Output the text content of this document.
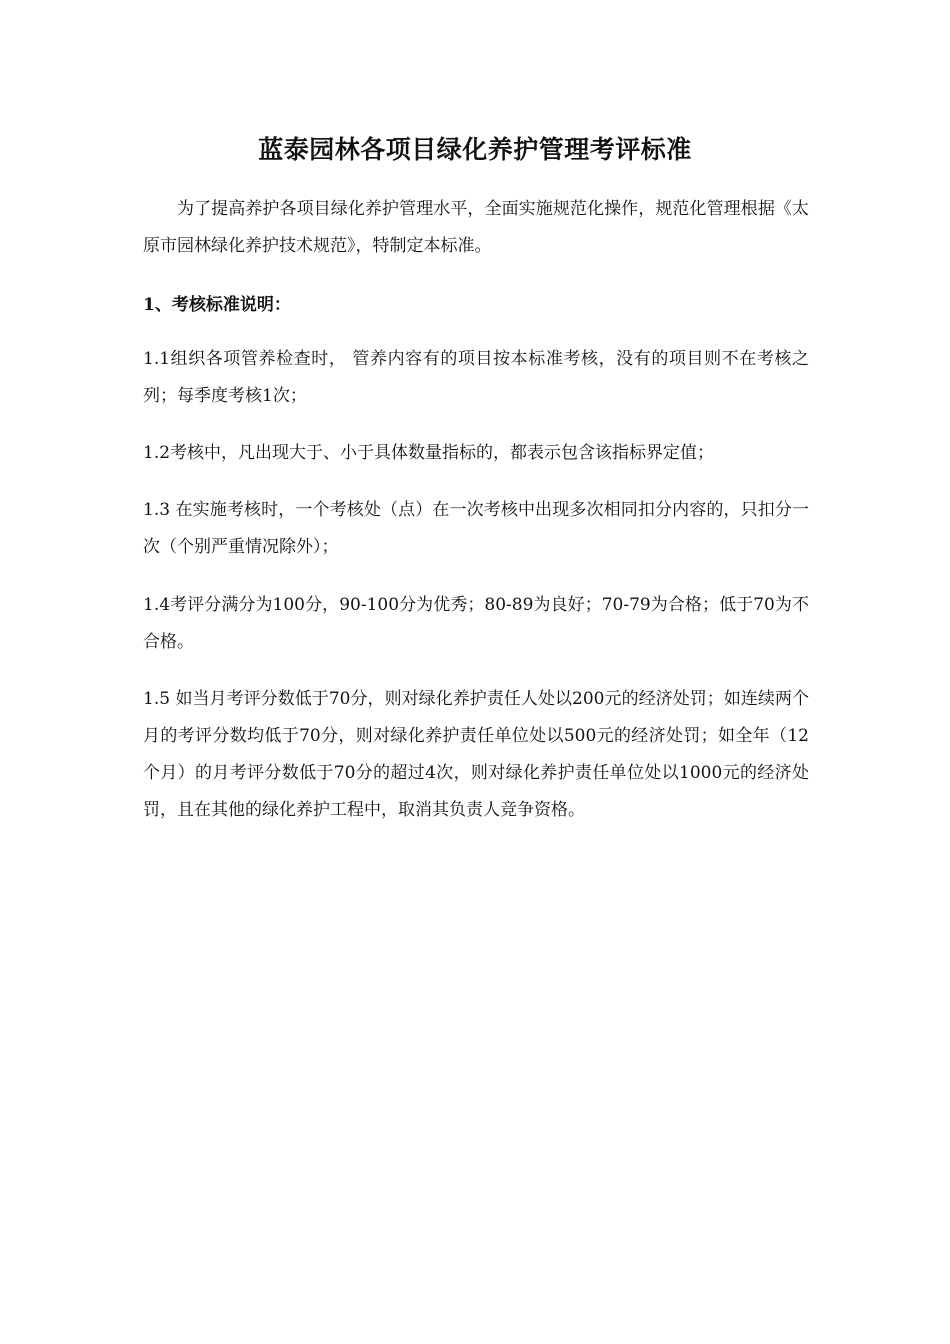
蓝泰园林各项目绿化养护管理考评标准

为了提高养护各项目绿化养护管理水平，全面实施规范化操作，规范化管理根据《太原市园林绿化养护技术规范》，特制定本标准。

1、考核标准说明：

1.1组织各项管养检查时， 管养内容有的项目按本标准考核，没有的项目则不在考核之列；每季度考核1次；

1.2考核中，凡出现大于、小于具体数量指标的，都表示包含该指标界定值；

1.3 在实施考核时，一个考核处（点）在一次考核中出现多次相同扣分内容的，只扣分一次（个别严重情况除外）；

1.4考评分满分为100分，90-100分为优秀；80-89为良好；70-79为合格；低于70为不合格。

1.5 如当月考评分数低于70分，则对绿化养护责任人处以200元的经济处罚；如连续两个月的考评分数均低于70分，则对绿化养护责任单位处以500元的经济处罚；如全年（12个月）的月考评分数低于70分的超过4次，则对绿化养护责任单位处以1000元的经济处罚，且在其他的绿化养护工程中，取消其负责人竞争资格。
